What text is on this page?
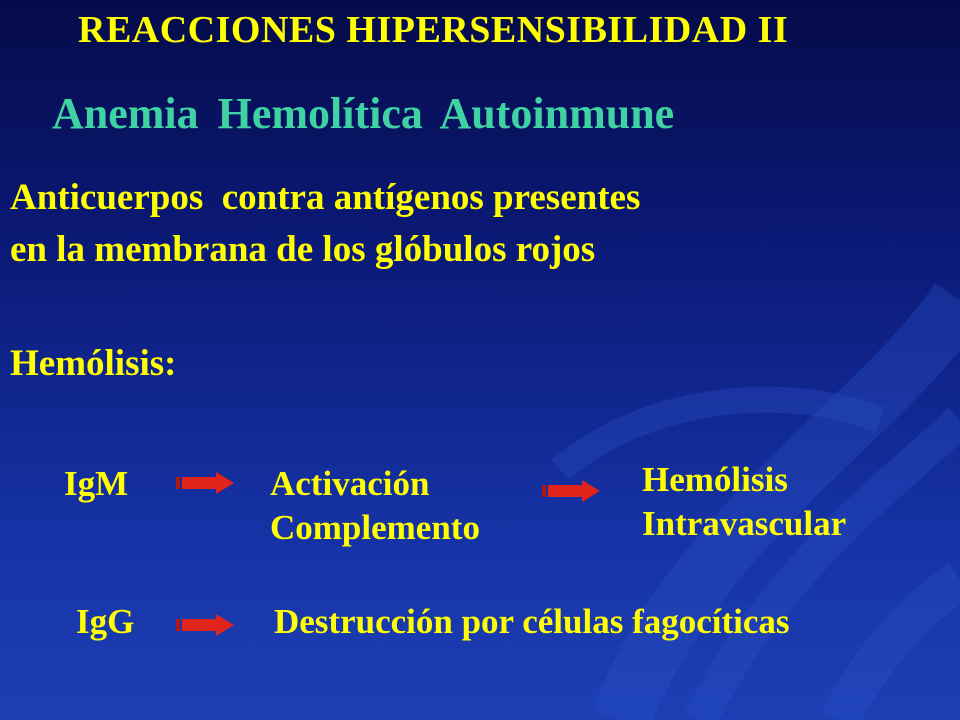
REACCIONES HIPERSENSIBILIDAD II
Anemia Hemolítica Autoinmune
Anticuerpos  contra antígenos presentes
en la membrana de los glóbulos rojos
Hemólisis:
IgM	Activación
Complemento
Hemólisis
Intravascular
IgG	Destrucción por células fagocíticas
